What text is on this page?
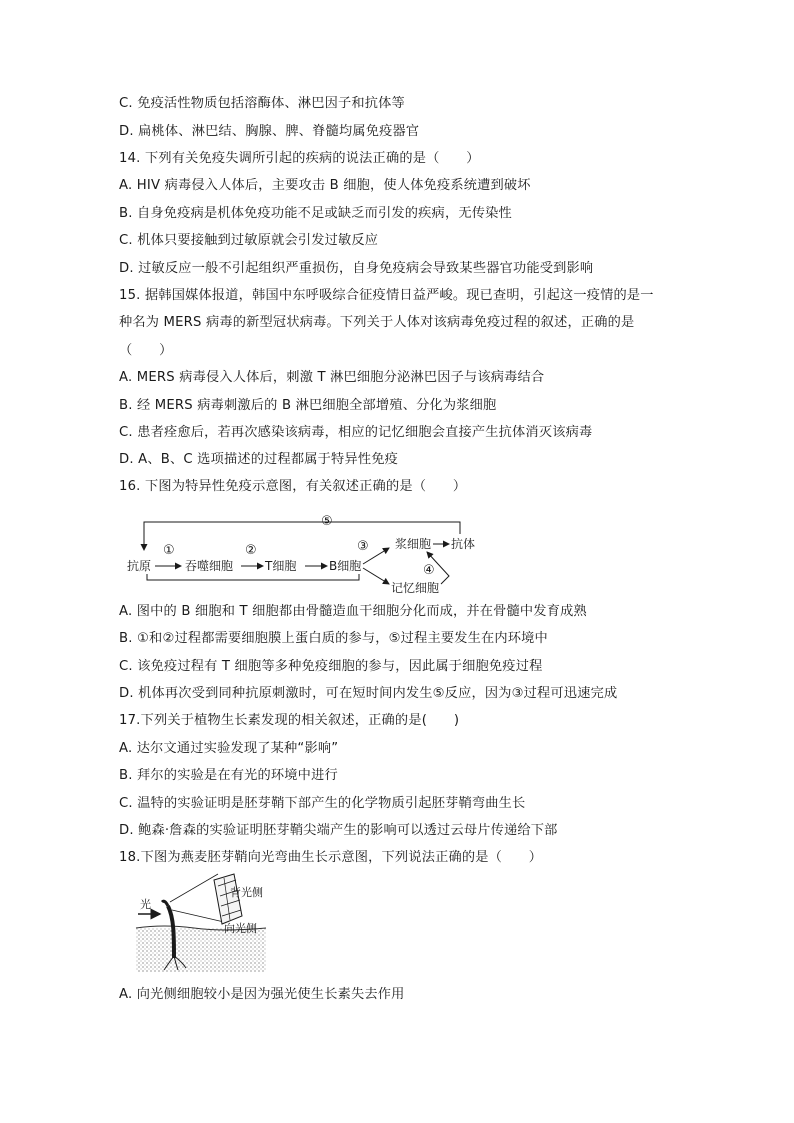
C. 免疫活性物质包括溶酶体、淋巴因子和抗体等
D. 扁桃体、淋巴结、胸腺、脾、脊髓均属免疫器官
14. 下列有关免疫失调所引起的疾病的说法正确的是（　　）
A. HIV 病毒侵入人体后，主要攻击 B 细胞，使人体免疫系统遭到破坏
B. 自身免疫病是机体免疫功能不足或缺乏而引发的疾病，无传染性
C. 机体只要接触到过敏原就会引发过敏反应
D. 过敏反应一般不引起组织严重损伤，自身免疫病会导致某些器官功能受到影响
15. 据韩国媒体报道，韩国中东呼吸综合征疫情日益严峻。现已查明，引起这一疫情的是一
种名为 MERS 病毒的新型冠状病毒。下列关于人体对该病毒免疫过程的叙述，正确的是
（　　）
A. MERS 病毒侵入人体后，刺激 T 淋巴细胞分泌淋巴因子与该病毒结合
B. 经 MERS 病毒刺激后的 B 淋巴细胞全部增殖、分化为浆细胞
C. 患者痊愈后，若再次感染该病毒，相应的记忆细胞会直接产生抗体消灭该病毒
D. A、B、C 选项描述的过程都属于特异性免疫
16. 下图为特异性免疫示意图，有关叙述正确的是（　　）
⑤
抗原
①
吞噬细胞
②
T细胞	B细胞
③ 浆细胞 抗体
记忆细胞
④
A. 图中的 B 细胞和 T 细胞都由骨髓造血干细胞分化而成，并在骨髓中发育成熟
B. ①和②过程都需要细胞膜上蛋白质的参与，⑤过程主要发生在内环境中
C. 该免疫过程有 T 细胞等多种免疫细胞的参与，因此属于细胞免疫过程
D. 机体再次受到同种抗原刺激时，可在短时间内发生⑤反应，因为③过程可迅速完成
17.下列关于植物生长素发现的相关叙述，正确的是(　　)
A. 达尔文通过实验发现了某种“影响”
B. 拜尔的实验是在有光的环境中进行
C. 温特的实验证明是胚芽鞘下部产生的化学物质引起胚芽鞘弯曲生长
D. 鲍森·詹森的实验证明胚芽鞘尖端产生的影响可以透过云母片传递给下部
18.下图为燕麦胚芽鞘向光弯曲生长示意图，下列说法正确的是（　　）
光
背光侧
向光侧
A. 向光侧细胞较小是因为强光使生长素失去作用
